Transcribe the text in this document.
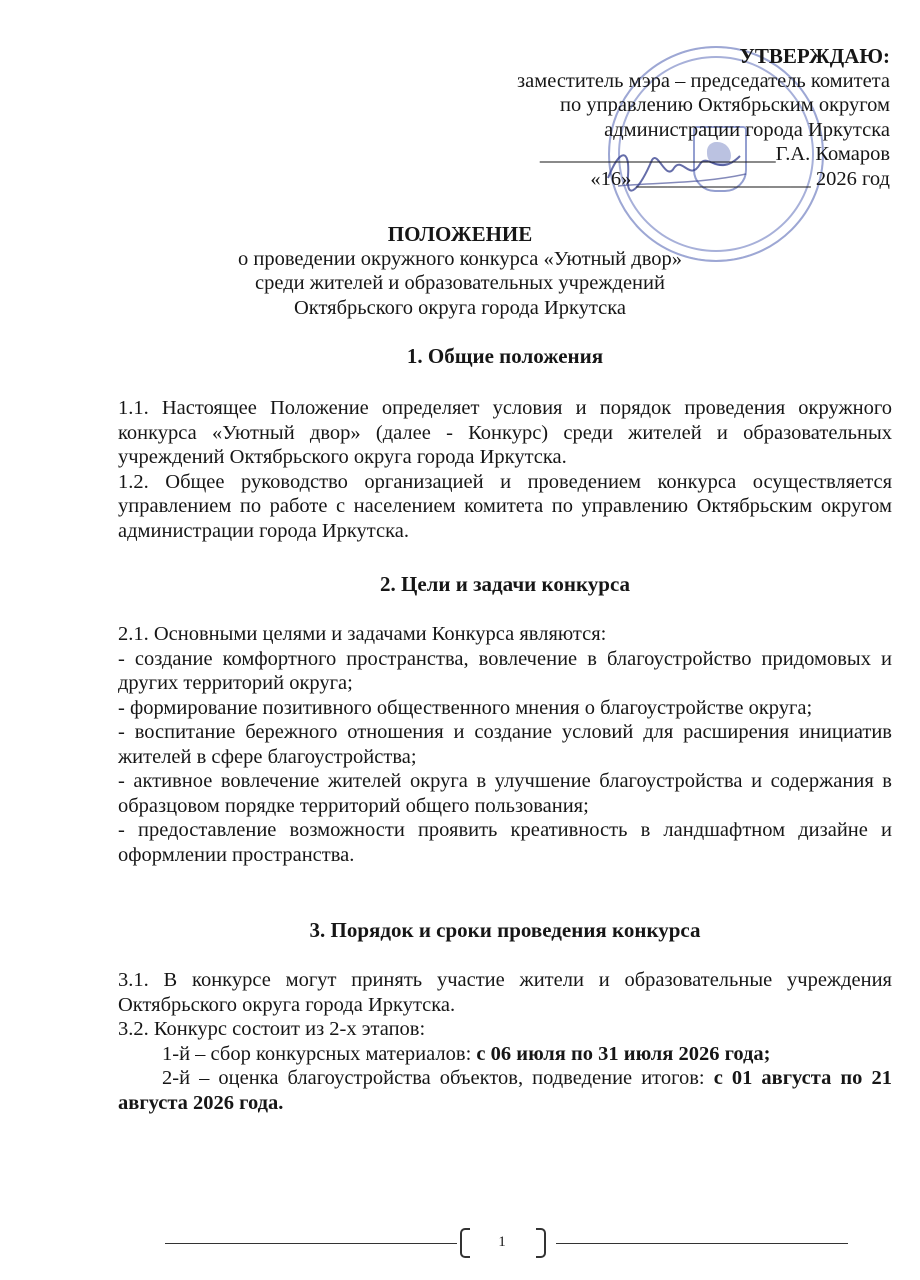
УТВЕРЖДАЮ:
заместитель мэра – председатель комитета
по управлению Октябрьским округом
администрации города Иркутска
_______________________Г.А. Комаров
«16» _________________ 2026 год
ПОЛОЖЕНИЕ
о проведении окружного конкурса «Уютный двор»
среди жителей и образовательных учреждений
Октябрьского округа города Иркутска
1. Общие положения

1.1. Настоящее Положение определяет условия и порядок проведения окружного конкурса «Уютный двор» (далее - Конкурс) среди жителей и образовательных учреждений Октябрьского округа города Иркутска.

1.2. Общее руководство организацией и проведением конкурса осуществляется управлением по работе с населением комитета по управлению Октябрьским округом администрации города Иркутска.

2. Цели и задачи конкурса

2.1. Основными целями и задачами Конкурса являются:

- создание комфортного пространства, вовлечение в благоустройство придомовых и других территорий округа;

- формирование позитивного общественного мнения о благоустройстве округа;

- воспитание бережного отношения и создание условий для расширения инициатив жителей в сфере благоустройства;

- активное вовлечение жителей округа в улучшение благоустройства и содержания в образцовом порядке территорий общего пользования;

- предоставление возможности проявить креативность в ландшафтном дизайне и оформлении пространства.

3. Порядок и сроки проведения конкурса

3.1. В конкурсе могут принять участие жители и образовательные учреждения Октябрьского округа города Иркутска.

3.2. Конкурс состоит из 2-х этапов:

1-й – сбор конкурсных материалов: с 06 июля по 31 июля 2026 года;

2-й – оценка благоустройства объектов, подведение итогов: с 01 августа по 21 августа 2026 года.

1
